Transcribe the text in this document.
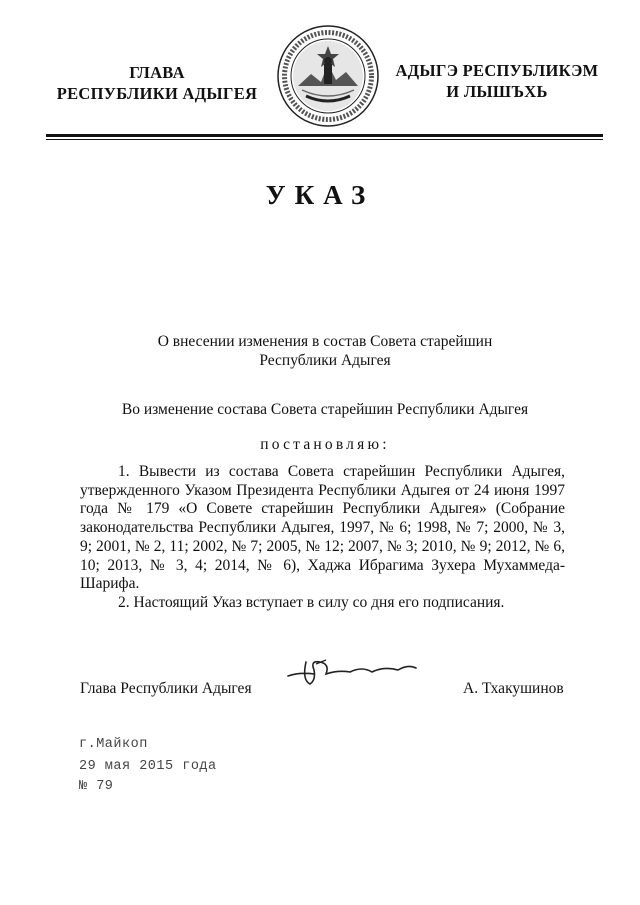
ГЛАВА
РЕСПУБЛИКИ АДЫГЕЯ
АДЫГЭ РЕСПУБЛИКЭМ
И ЛЫШЪХЬ
УКАЗ
О внесении изменения в состав Совета старейшин
Республики Адыгея
Во изменение состава Совета старейшин Республики Адыгея
постановляю:
1. Вывести из состава Совета старейшин Республики Адыгея, утвержденного Указом Президента Республики Адыгея от 24 июня 1997 года № 179 «О Совете старейшин Республики Адыгея» (Собрание законодательства Республики Адыгея, 1997, № 6; 1998, № 7; 2000, № 3, 9; 2001, № 2, 11; 2002, № 7; 2005, № 12; 2007, № 3; 2010, № 9; 2012, № 6, 10; 2013, № 3, 4; 2014, № 6), Хаджа Ибрагима Зухера Мухаммеда-Шарифа.
2. Настоящий Указ вступает в силу со дня его подписания.
Глава Республики Адыгея	А. Тхакушинов
г.Майкоп
29 мая 2015 года
№ 79
